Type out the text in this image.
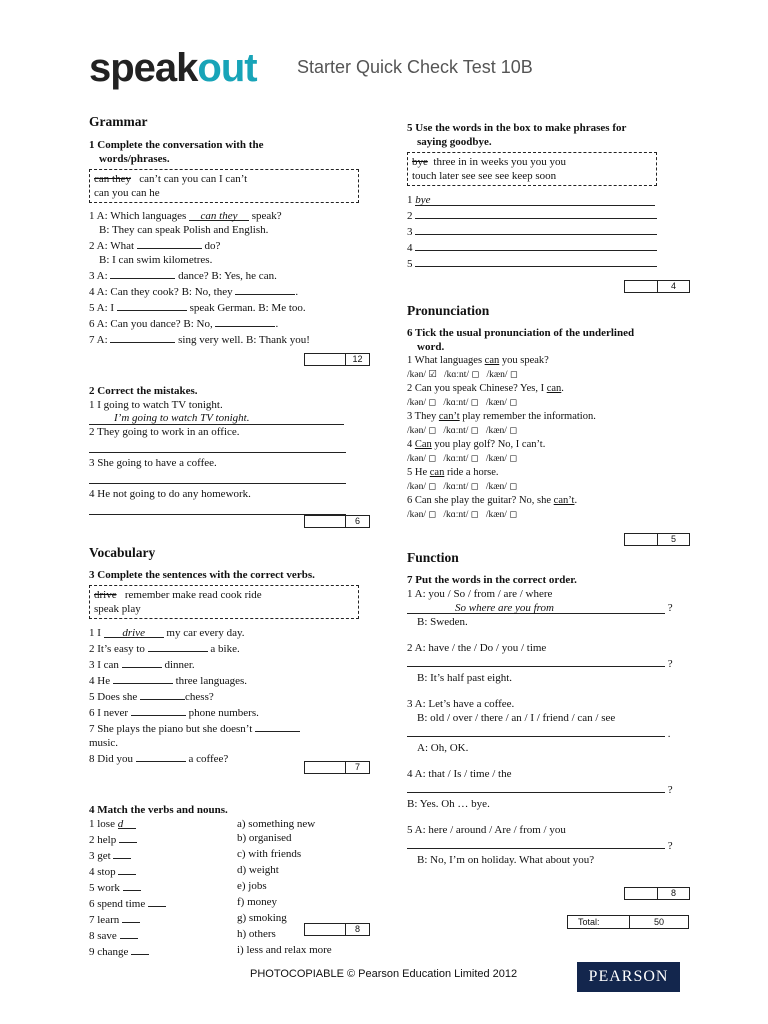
speakout Starter Quick Check Test 10B
Grammar
1 Complete the conversation with the
words/phrases.
can they can’t can you can I can’t
can you can he
1 A: Which languages can they speak?
B: They can speak Polish and English.
2 A: What	do?
B: I can swim kilometres.
3 A:	dance? B: Yes, he can.
4 A: Can they cook? B: No, they	.
5 A: I	speak German. B: Me too.
6 A: Can you dance? B: No,	.
7 A:	sing very well. B: Thank you!
2 Correct the mistakes.
1 I going to watch TV tonight.
I’m going to watch TV tonight.
2 They going to work in an office.
3 She going to have a coffee.
4 He not going to do any homework.
Vocabulary
3 Complete the sentences with the correct verbs.
drive remember make read cook ride
speak play
1 I drive my car every day.
2 It’s easy to	a bike.
3 I can	dinner.
4 He	three languages.
5 Does she	chess?
6 I never	phone numbers.
7 She plays the piano but she doesn’t
music.
8 Did you	a coffee?
4 Match the verbs and nouns.
1 lose d	a) something new
2 help	b) organised
3 get	c) with friends
4 stop	d) weight
5 work	e) jobs
6 spend time	f) money
7 learn	g) smoking
8 save	h) others
9 change	i) less and relax more
12
6
7
8
5 Use the words in the box to make phrases for
saying goodbye.
bye three in in weeks you you you
touch later see see see keep soon
1 bye
2
3
4
5
Pronunciation
6 Tick the usual pronunciation of the underlined
word.
1 What languages can you speak?
/kən/ ☑ /kɑːnt/ ◻ /kæn/ ◻
2 Can you speak Chinese? Yes, I can.
/kən/ ◻ /kɑːnt/ ◻ /kæn/ ◻
3 They can’t play remember the information.
/kən/ ◻ /kɑːnt/ ◻ /kæn/ ◻
4 Can you play golf? No, I can’t.
/kən/ ◻ /kɑːnt/ ◻ /kæn/ ◻
5 He can ride a horse.
/kən/ ◻ /kɑːnt/ ◻ /kæn/ ◻
6 Can she play the guitar? No, she can’t.
/kən/ ◻ /kɑːnt/ ◻ /kæn/ ◻
Function
7 Put the words in the correct order.
1 A: you / So / from / are / where
So where are you from	?
B: Sweden.
2 A: have / the / Do / you / time
?
B: It’s half past eight.
3 A: Let’s have a coffee.
B: old / over / there / an / I / friend / can / see
.
A: Oh, OK.
4 A: that / Is / time / the
?
B: Yes. Oh … bye.
5 A: here / around / Are / from / you
?
B: No, I’m on holiday. What about you?
4
5
8
Total:	50
PHOTOCOPIABLE © Pearson Education Limited 2012	PEARSON
